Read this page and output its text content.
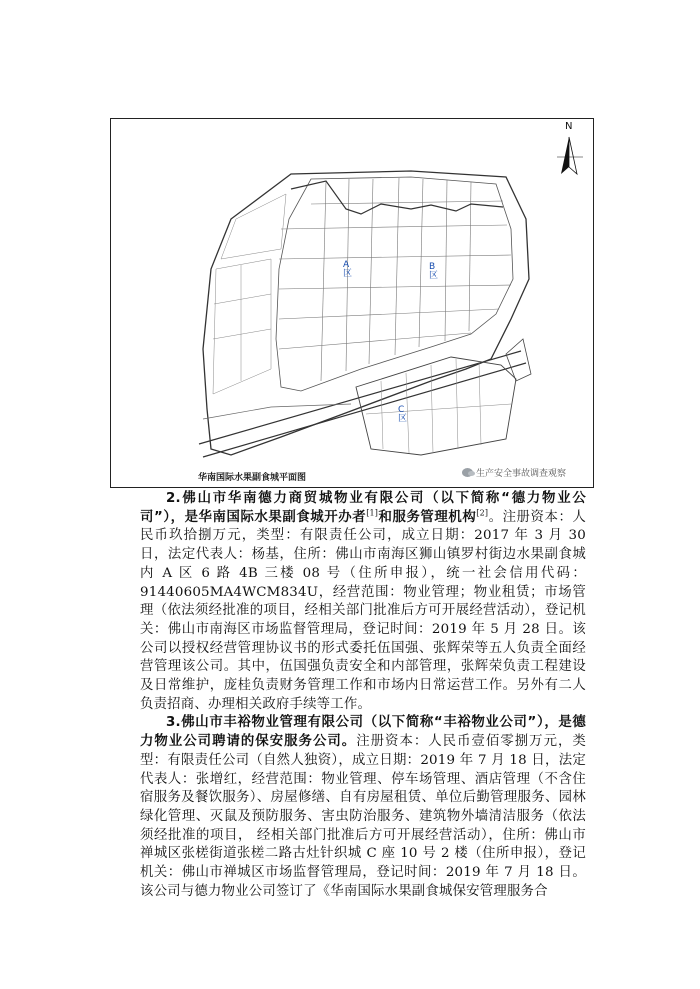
N
A区
B区
C区
华南国际水果副食城平面图	生产安全事故调查观察

2.佛山市华南德力商贸城物业有限公司（以下简称“德力物业公司”），是华南国际水果副食城开办者[1]和服务管理机构[2]。注册资本：人民币玖拾捌万元，类型：有限责任公司，成立日期：2017 年 3 月 30 日，法定代表人：杨基，住所：佛山市南海区狮山镇罗村街边水果副食城内 A 区 6 路 4B 三楼 08 号（住所申报），统一社会信用代码：91440605MA4WCM834U，经营范围：物业管理；物业租赁；市场管理（依法须经批准的项目，经相关部门批准后方可开展经营活动），登记机关：佛山市南海区市场监督管理局，登记时间：2019 年 5 月 28 日。该公司以授权经营管理协议书的形式委托伍国强、张辉荣等五人负责全面经营管理该公司。其中，伍国强负责安全和内部管理，张辉荣负责工程建设及日常维护，庞桂负责财务管理工作和市场内日常运营工作。另外有二人负责招商、办理相关政府手续等工作。

3.佛山市丰裕物业管理有限公司（以下简称“丰裕物业公司”），是德力物业公司聘请的保安服务公司。注册资本：人民币壹佰零捌万元，类型：有限责任公司（自然人独资），成立日期：2019 年 7 月 18 日，法定代表人：张增红，经营范围：物业管理、停车场管理、酒店管理（不含住宿服务及餐饮服务）、房屋修缮、自有房屋租赁、单位后勤管理服务、园林绿化管理、灭鼠及预防服务、害虫防治服务、建筑物外墙清洁服务（依法须经批准的项目， 经相关部门批准后方可开展经营活动），住所：佛山市禅城区张槎街道张槎二路古灶针织城 C 座 10 号 2 楼（住所申报），登记机关：佛山市禅城区市场监督管理局，登记时间：2019 年 7 月 18 日。该公司与德力物业公司签订了《华南国际水果副食城保安管理服务合
